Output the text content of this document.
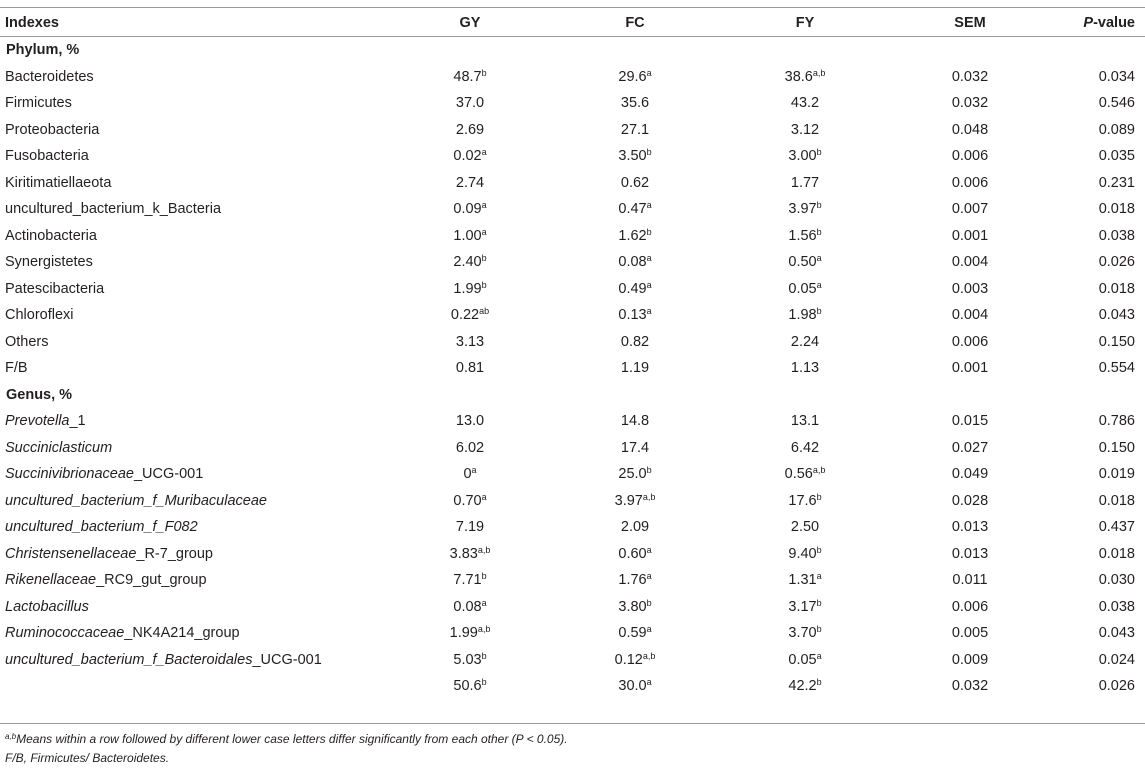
Indexes	GY	FC	FY	SEM	P-value
Phylum, %					
Bacteroidetes	48.7$^b$	29.6$^a$	38.6$^{a,b}$	0.032	0.034
Firmicutes	37.0	35.6	43.2	0.032	0.546
Proteobacteria	2.69	27.1	3.12	0.048	0.089
Fusobacteria	0.02$^a$	3.50$^b$	3.00$^b$	0.006	0.035
Kiritimatiellaeota	2.74	0.62	1.77	0.006	0.231
uncultured_bacterium_k_Bacteria	0.09$^a$	0.47$^a$	3.97$^b$	0.007	0.018
Actinobacteria	1.00$^a$	1.62$^b$	1.56$^b$	0.001	0.038
Synergistetes	2.40$^b$	0.08$^a$	0.50$^a$	0.004	0.026
Patescibacteria	1.99$^b$	0.49$^a$	0.05$^a$	0.003	0.018
Chloroflexi	0.22$^{ab}$	0.13$^a$	1.98$^b$	0.004	0.043
Others	3.13	0.82	2.24	0.006	0.150
F/B	0.81	1.19	1.13	0.001	0.554
Genus, %					
Prevotella_1	13.0	14.8	13.1	0.015	0.786
Succiniclasticum	6.02	17.4	6.42	0.027	0.150
Succinivibrionaceae_UCG-001	0$^a$	25.0$^b$	0.56$^{a,b}$	0.049	0.019
uncultured_bacterium_f_Muribaculaceae	0.70$^a$	3.97$^{a,b}$	17.6$^b$	0.028	0.018
uncultured_bacterium_f_F082	7.19	2.09	2.50	0.013	0.437
Christensenellaceae_R-7_group	3.83$^{a,b}$	0.60$^a$	9.40$^b$	0.013	0.018
Rikenellaceae_RC9_gut_group	7.71$^b$	1.76$^a$	1.31$^a$	0.011	0.030
Lactobacillus	0.08$^a$	3.80$^b$	3.17$^b$	0.006	0.038
Ruminococcaceae_NK4A214_group	1.99$^{a,b}$	0.59$^a$	3.70$^b$	0.005	0.043
uncultured_bacterium_f_Bacteroidales_UCG-001	5.03$^b$	0.12$^{a,b}$	0.05$^a$	0.009	0.024
	50.6$^b$	30.0$^a$	42.2$^b$	0.032	0.026
$^{a,b}$Means within a row followed by different lower case letters differ significantly from each other (P < 0.05).
F/B, Firmicutes/ Bacteroidetes.
